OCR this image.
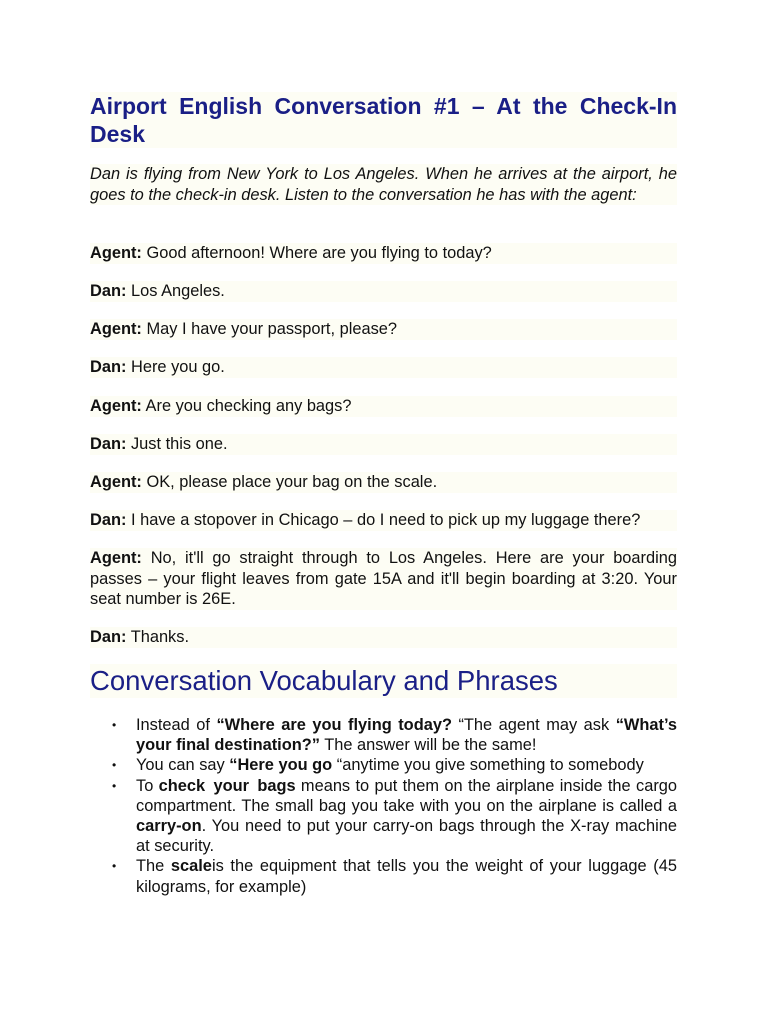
Airport English Conversation #1 – At the Check-In Desk

Dan is flying from New York to Los Angeles. When he arrives at the airport, he goes to the check-in desk. Listen to the conversation he has with the agent:

Agent: Good afternoon! Where are you flying to today?

Dan: Los Angeles.

Agent: May I have your passport, please?

Dan: Here you go.

Agent: Are you checking any bags?

Dan: Just this one.

Agent: OK, please place your bag on the scale.

Dan: I have a stopover in Chicago – do I need to pick up my luggage there?

Agent: No, it'll go straight through to Los Angeles. Here are your boarding passes – your flight leaves from gate 15A and it'll begin boarding at 3:20. Your seat number is 26E.

Dan: Thanks.

Conversation Vocabulary and Phrases
•	Instead of “Where are you flying today? “The agent may ask “What’s your final destination?” The answer will be the same!
•	You can say “Here you go “anytime you give something to somebody
•	To check your bags means to put them on the airplane inside the cargo compartment. The small bag you take with you on the airplane is called a carry-on. You need to put your carry-on bags through the X-ray machine at security.
•	The scaleis the equipment that tells you the weight of your luggage (45 kilograms, for example)
